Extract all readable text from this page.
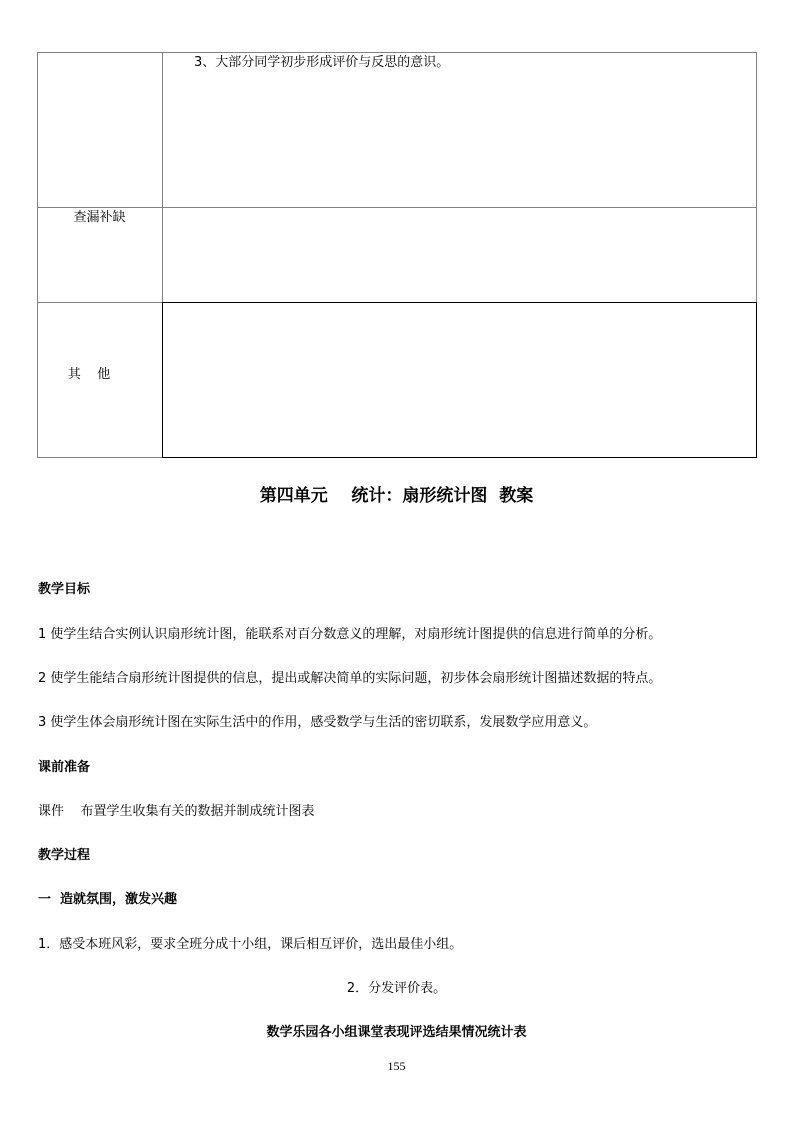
3、大部分同学初步形成评价与反思的意识。
查漏补缺
其    他
第四单元    统计：扇形统计图  教案
教学目标
1 使学生结合实例认识扇形统计图，能联系对百分数意义的理解，对扇形统计图提供的信息进行简单的分析。
2 使学生能结合扇形统计图提供的信息，提出或解决简单的实际问题，初步体会扇形统计图描述数据的特点。
3 使学生体会扇形统计图在实际生活中的作用，感受数学与生活的密切联系，发展数学应用意义。
课前准备
课件    布置学生收集有关的数据并制成统计图表
教学过程
一  造就氛围，激发兴趣
1．感受本班风彩，要求全班分成十小组，课后相互评价，选出最佳小组。
2．分发评价表。
数学乐园各小组课堂表现评选结果情况统计表
155
